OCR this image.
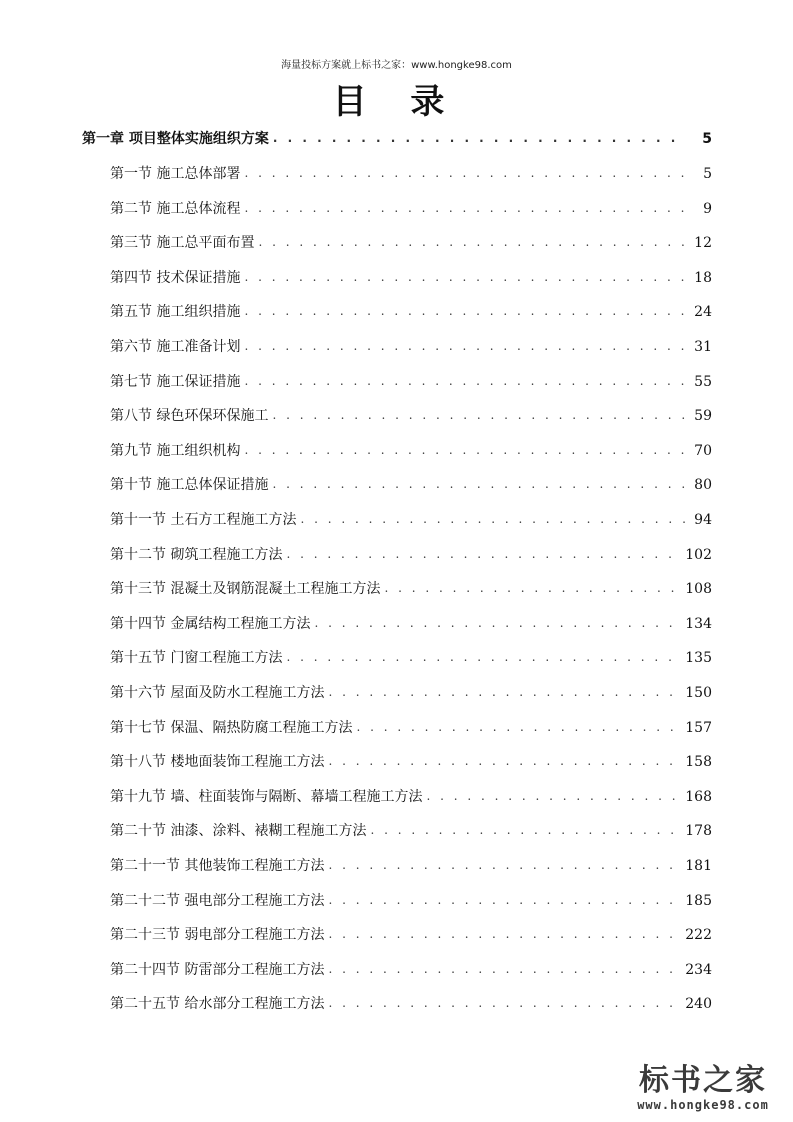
海量投标方案就上标书之家：www.hongke98.com
目 录
第一章 项目整体实施组织方案 . . .	5
第一节 施工总体部署 . . .	5
第二节 施工总体流程 . . .	9
第三节 施工总平面布置 . . .	12
第四节 技术保证措施 . . .	18
第五节 施工组织措施 . . .	24
第六节 施工准备计划 . . .	31
第七节 施工保证措施 . . .	55
第八节 绿色环保环保施工 . . .	59
第九节 施工组织机构 . . .	70
第十节 施工总体保证措施 . . .	80
第十一节 土石方工程施工方法 . . .	94
第十二节 砌筑工程施工方法 . . .	102
第十三节 混凝土及钢筋混凝土工程施工方法 . . .	108
第十四节 金属结构工程施工方法 . . .	134
第十五节 门窗工程施工方法 . . .	135
第十六节 屋面及防水工程施工方法 . . .	150
第十七节 保温、隔热防腐工程施工方法 . . .	157
第十八节 楼地面装饰工程施工方法 . . .	158
第十九节 墙、柱面装饰与隔断、幕墙工程施工方法 . . .	168
第二十节 油漆、涂料、裱糊工程施工方法 . . .	178
第二十一节 其他装饰工程施工方法 . . .	181
第二十二节 强电部分工程施工方法 . . .	185
第二十三节 弱电部分工程施工方法 . . .	222
第二十四节 防雷部分工程施工方法 . . .	234
第二十五节 给水部分工程施工方法 . . .	240
标书之家
www.hongke98.com
